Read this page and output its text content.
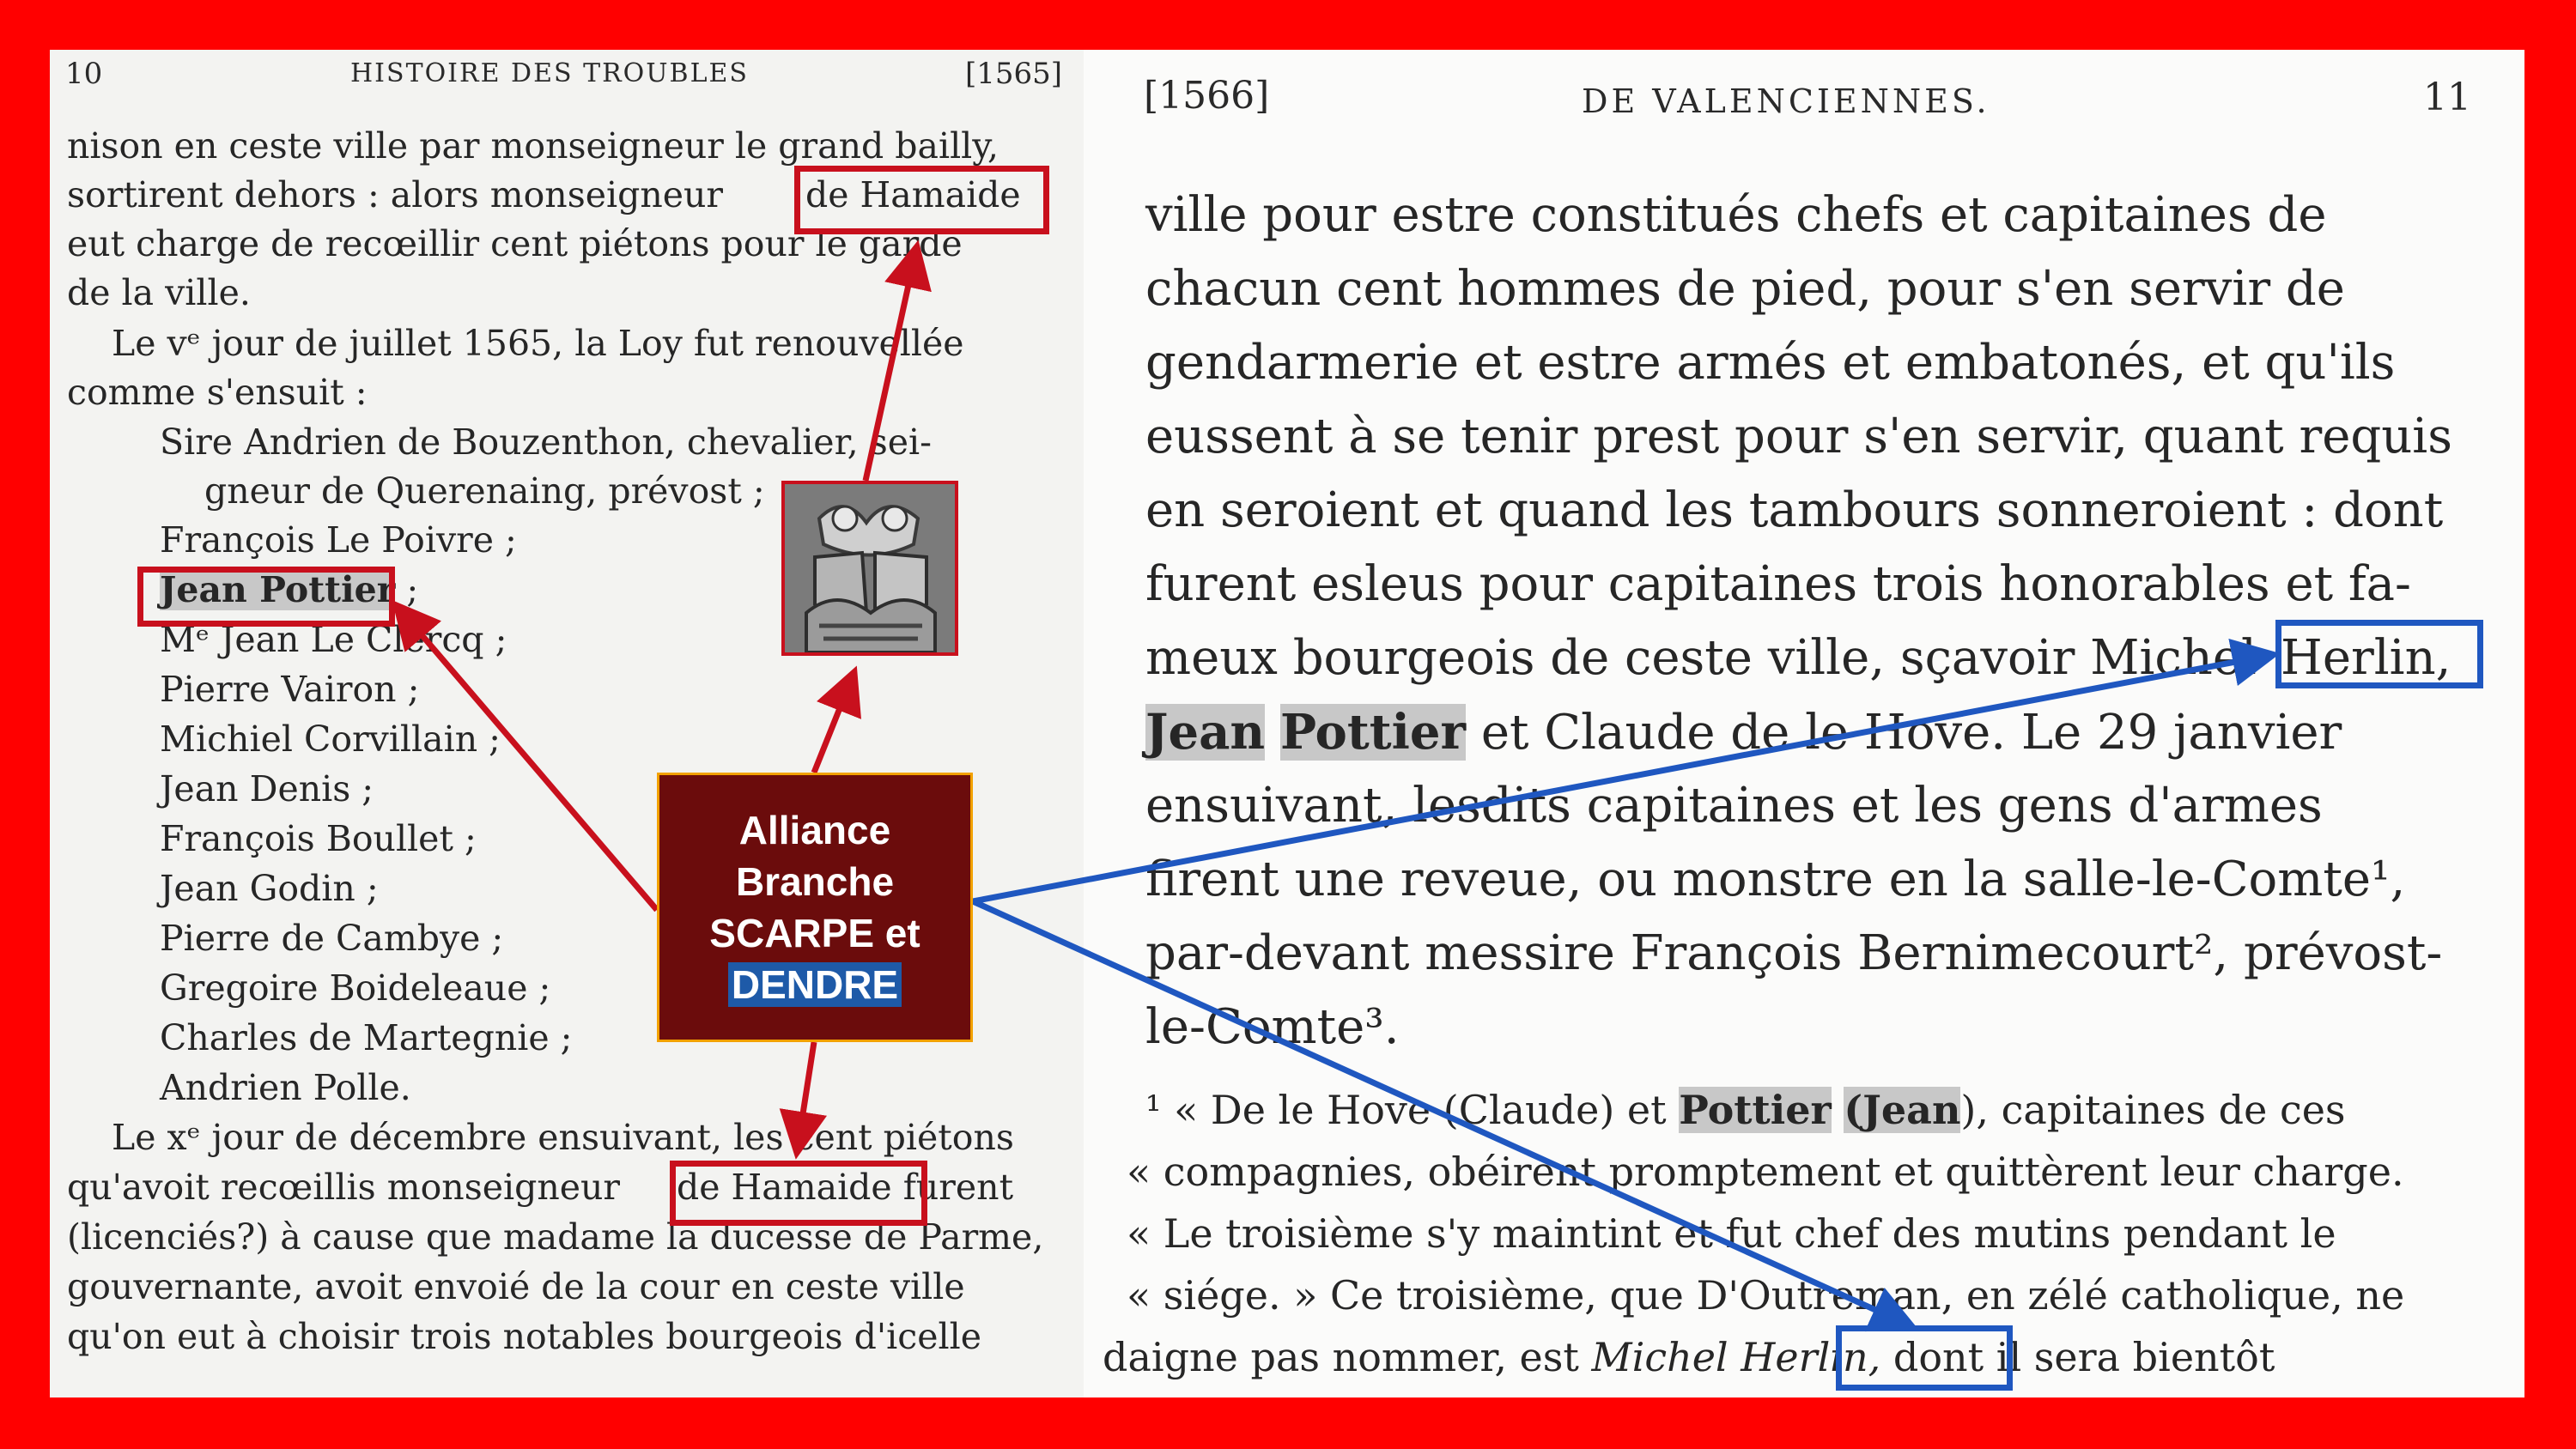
10	HISTOIRE DES TROUBLES	[1565]
nison en ceste ville par monseigneur le grand bailly,
sortirent dehors : alors monseigneur de Hamaide
eut charge de recœillir cent piétons pour le garde
de la ville.
Le vᵉ jour de juillet 1565, la Loy fut renouvellée
comme s'ensuit :
Sire Andrien de Bouzenthon, chevalier, sei-
gneur de Querenaing, prévost ;
François Le Poivre ;
Jean Pottier ;
Mᵉ Jean Le Clercq ;
Pierre Vairon ;
Michiel Corvillain ;
Jean Denis ;
François Boullet ;
Jean Godin ;
Pierre de Cambye ;
Gregoire Boideleaue ;
Charles de Martegnie ;
Andrien Polle.
Le xᵉ jour de décembre ensuivant, les cent piétons
qu'avoit recœillis monseigneur de Hamaide furent
(licenciés?) à cause que madame la ducesse de Parme,
gouvernante, avoit envoié de la cour en ceste ville
qu'on eut à choisir trois notables bourgeois d'icelle
[1566]	DE VALENCIENNES.	11
ville pour estre constitués chefs et capitaines de
chacun cent hommes de pied, pour s'en servir de
gendarmerie et estre armés et embatonés, et qu'ils
eussent à se tenir prest pour s'en servir, quant requis
en seroient et quand les tambours sonneroient : dont
furent esleus pour capitaines trois honorables et fa-
meux bourgeois de ceste ville, sçavoir Michel Herlin,
Jean Pottier et Claude de le Hove. Le 29 janvier
ensuivant, lesdits capitaines et les gens d'armes
firent une reveue, ou monstre en la salle-le-Comte¹,
par-devant messire François Bernimecourt², prévost-
le-Comte³.
¹ « De le Hove (Claude) et Pottier (Jean), capitaines de ces
« compagnies, obéirent promptement et quittèrent leur charge.
« Le troisième s'y maintint et fut chef des mutins pendant le
« siége. » Ce troisième, que D'Outreman, en zélé catholique, ne
daigne pas nommer, est Michel Herlin, dont il sera bientôt
Alliance
Branche
SCARPE et
DENDRE
